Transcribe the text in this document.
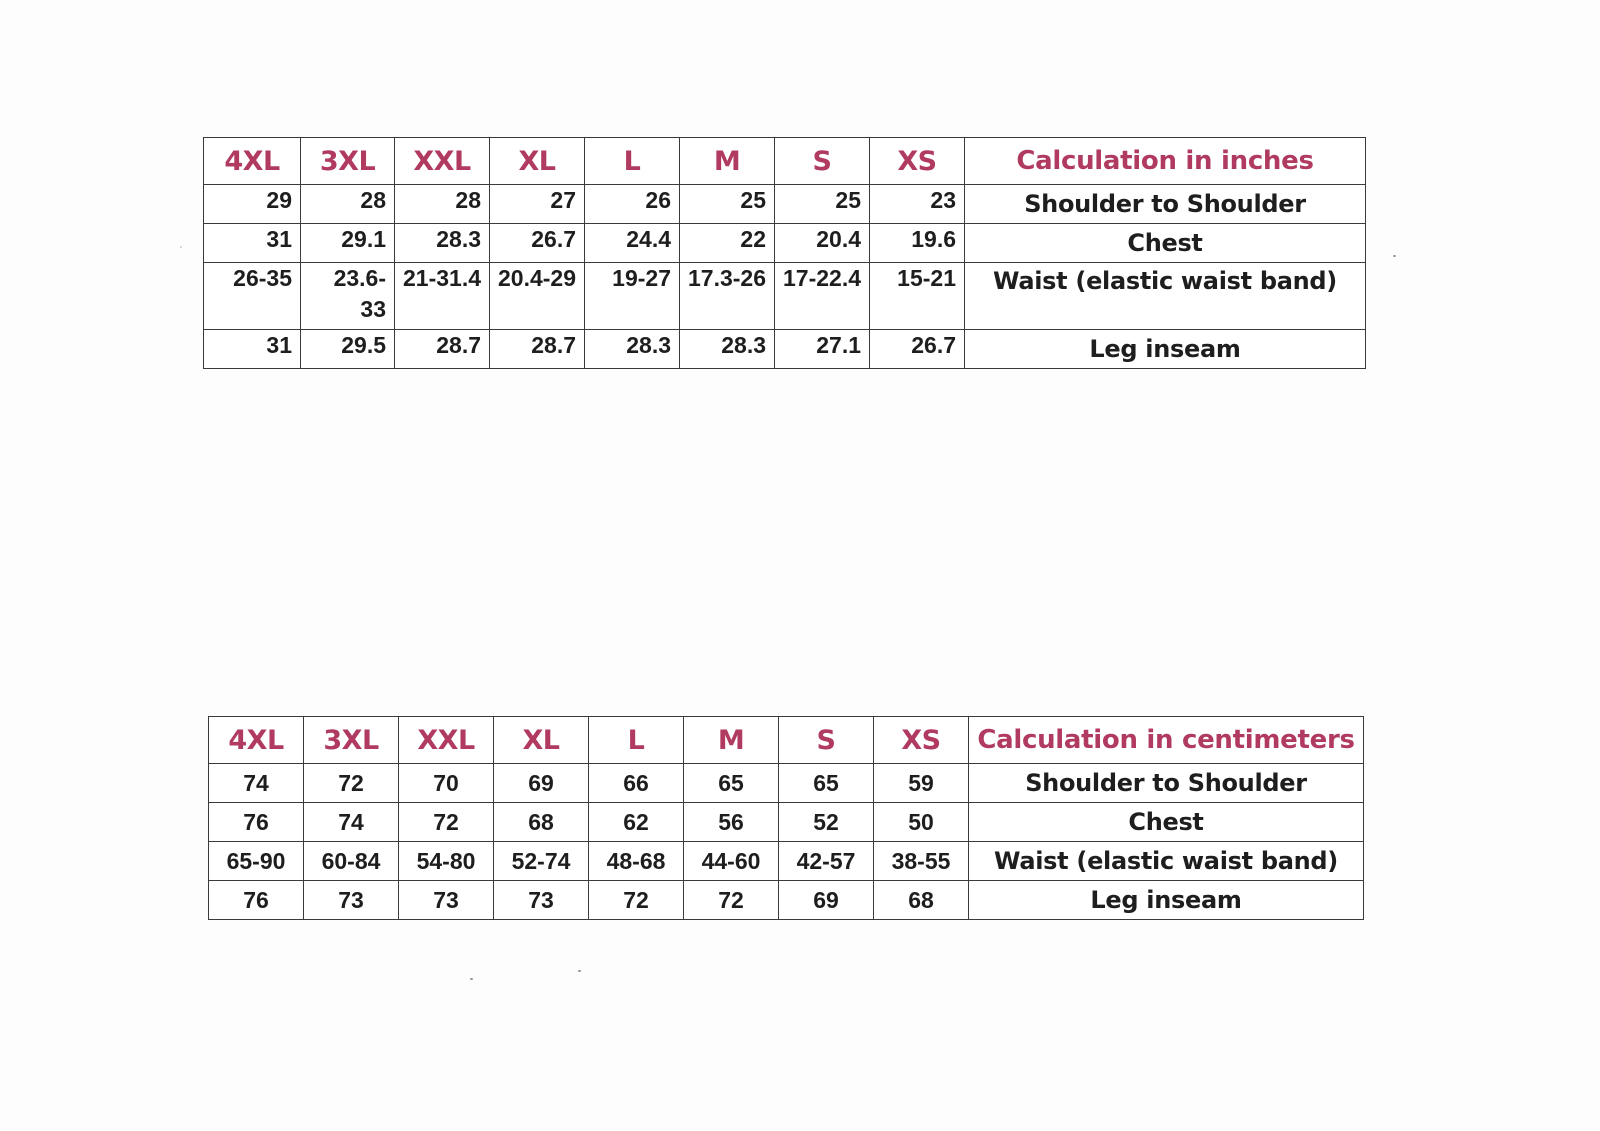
4XL	3XL	XXL	XL	L	M	S	XS	Calculation in inches
29	28	28	27	26	25	25	23	Shoulder to Shoulder
31	29.1	28.3	26.7	24.4	22	20.4	19.6	Chest
26-35	23.6-33	21-31.4	20.4-29	19-27	17.3-26	17-22.4	15-21	Waist (elastic waist band)
31	29.5	28.7	28.7	28.3	28.3	27.1	26.7	Leg inseam
4XL	3XL	XXL	XL	L	M	S	XS	Calculation in centimeters
74	72	70	69	66	65	65	59	Shoulder to Shoulder
76	74	72	68	62	56	52	50	Chest
65-90	60-84	54-80	52-74	48-68	44-60	42-57	38-55	Waist (elastic waist band)
76	73	73	73	72	72	69	68	Leg inseam
